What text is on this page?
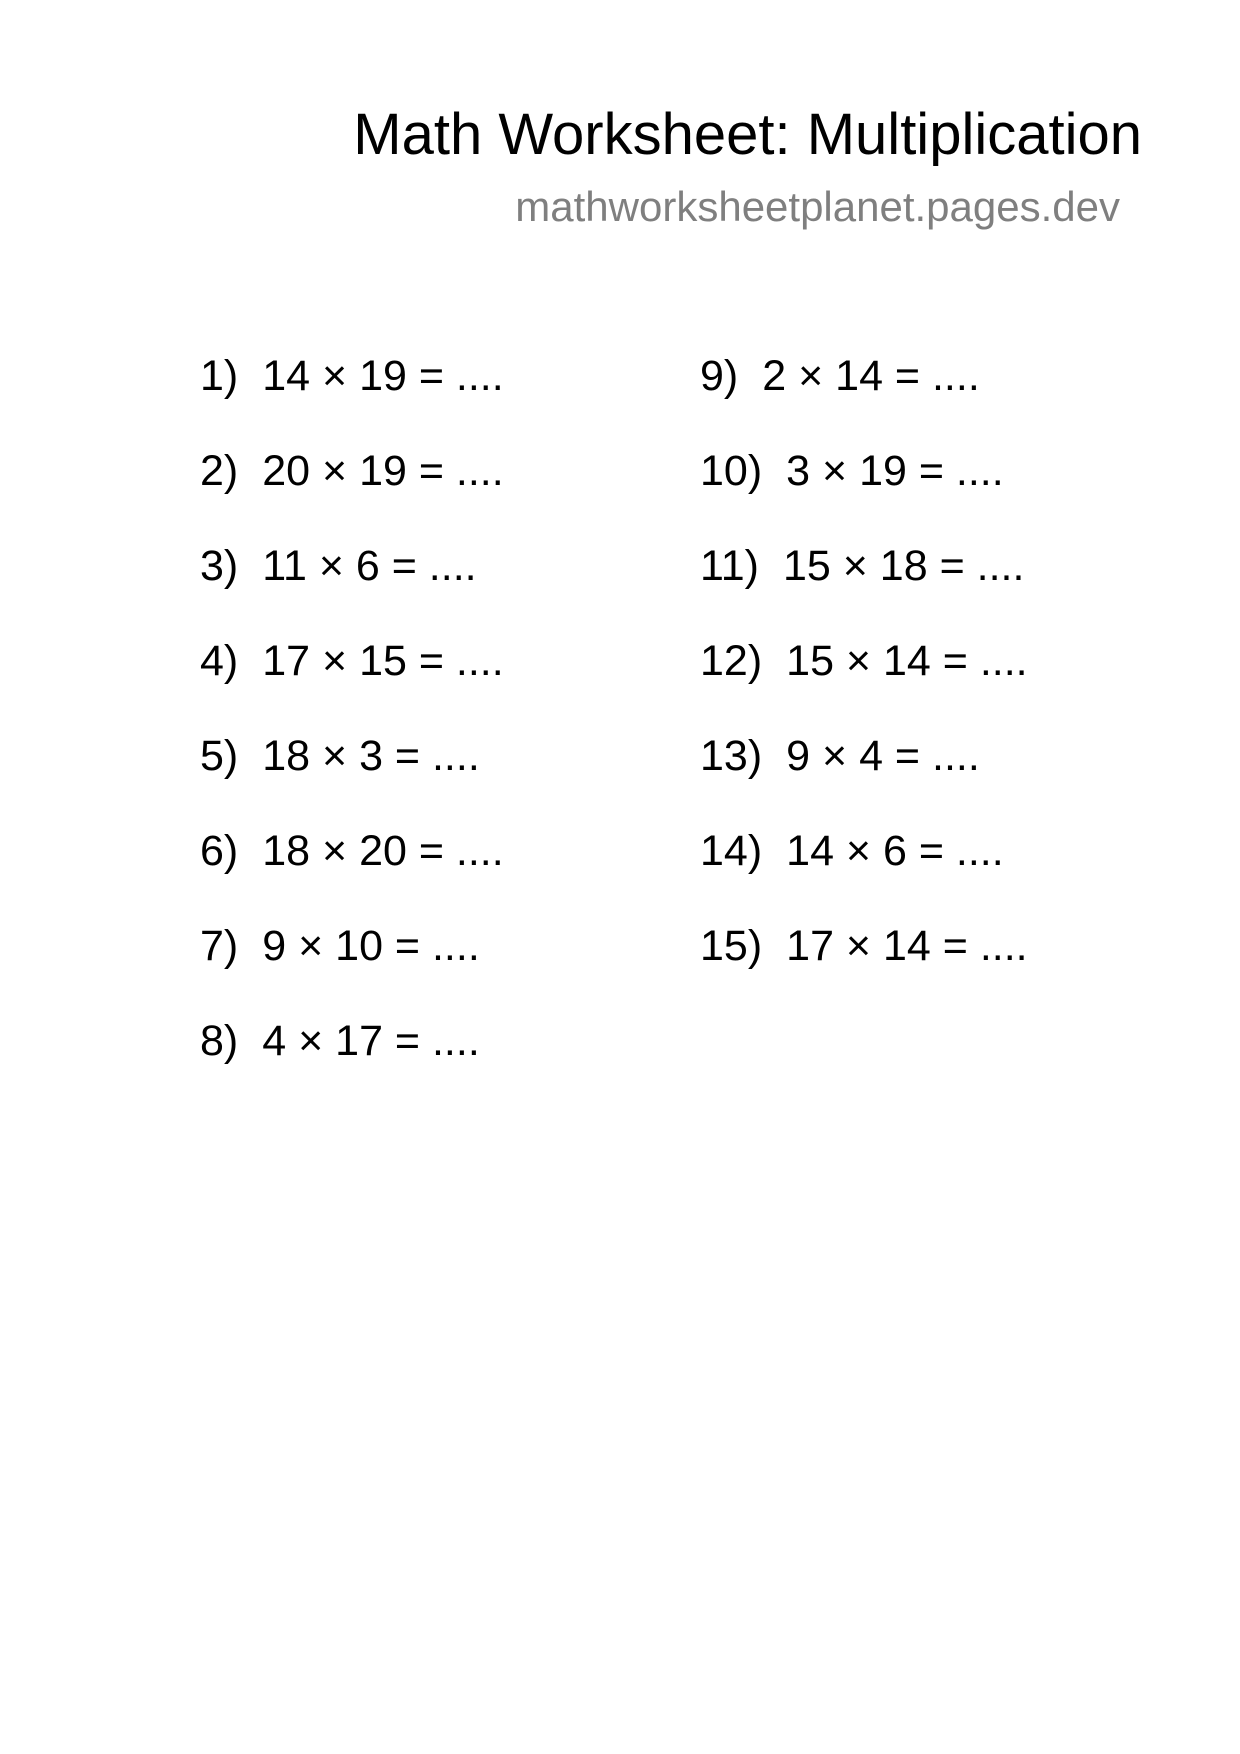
Math Worksheet: Multiplication
mathworksheetplanet.pages.dev
1) 14 × 19 = ....
2) 20 × 19 = ....
3) 11 × 6 = ....
4) 17 × 15 = ....
5) 18 × 3 = ....
6) 18 × 20 = ....
7) 9 × 10 = ....
8) 4 × 17 = ....
9) 2 × 14 = ....
10) 3 × 19 = ....
11) 15 × 18 = ....
12) 15 × 14 = ....
13) 9 × 4 = ....
14) 14 × 6 = ....
15) 17 × 14 = ....
